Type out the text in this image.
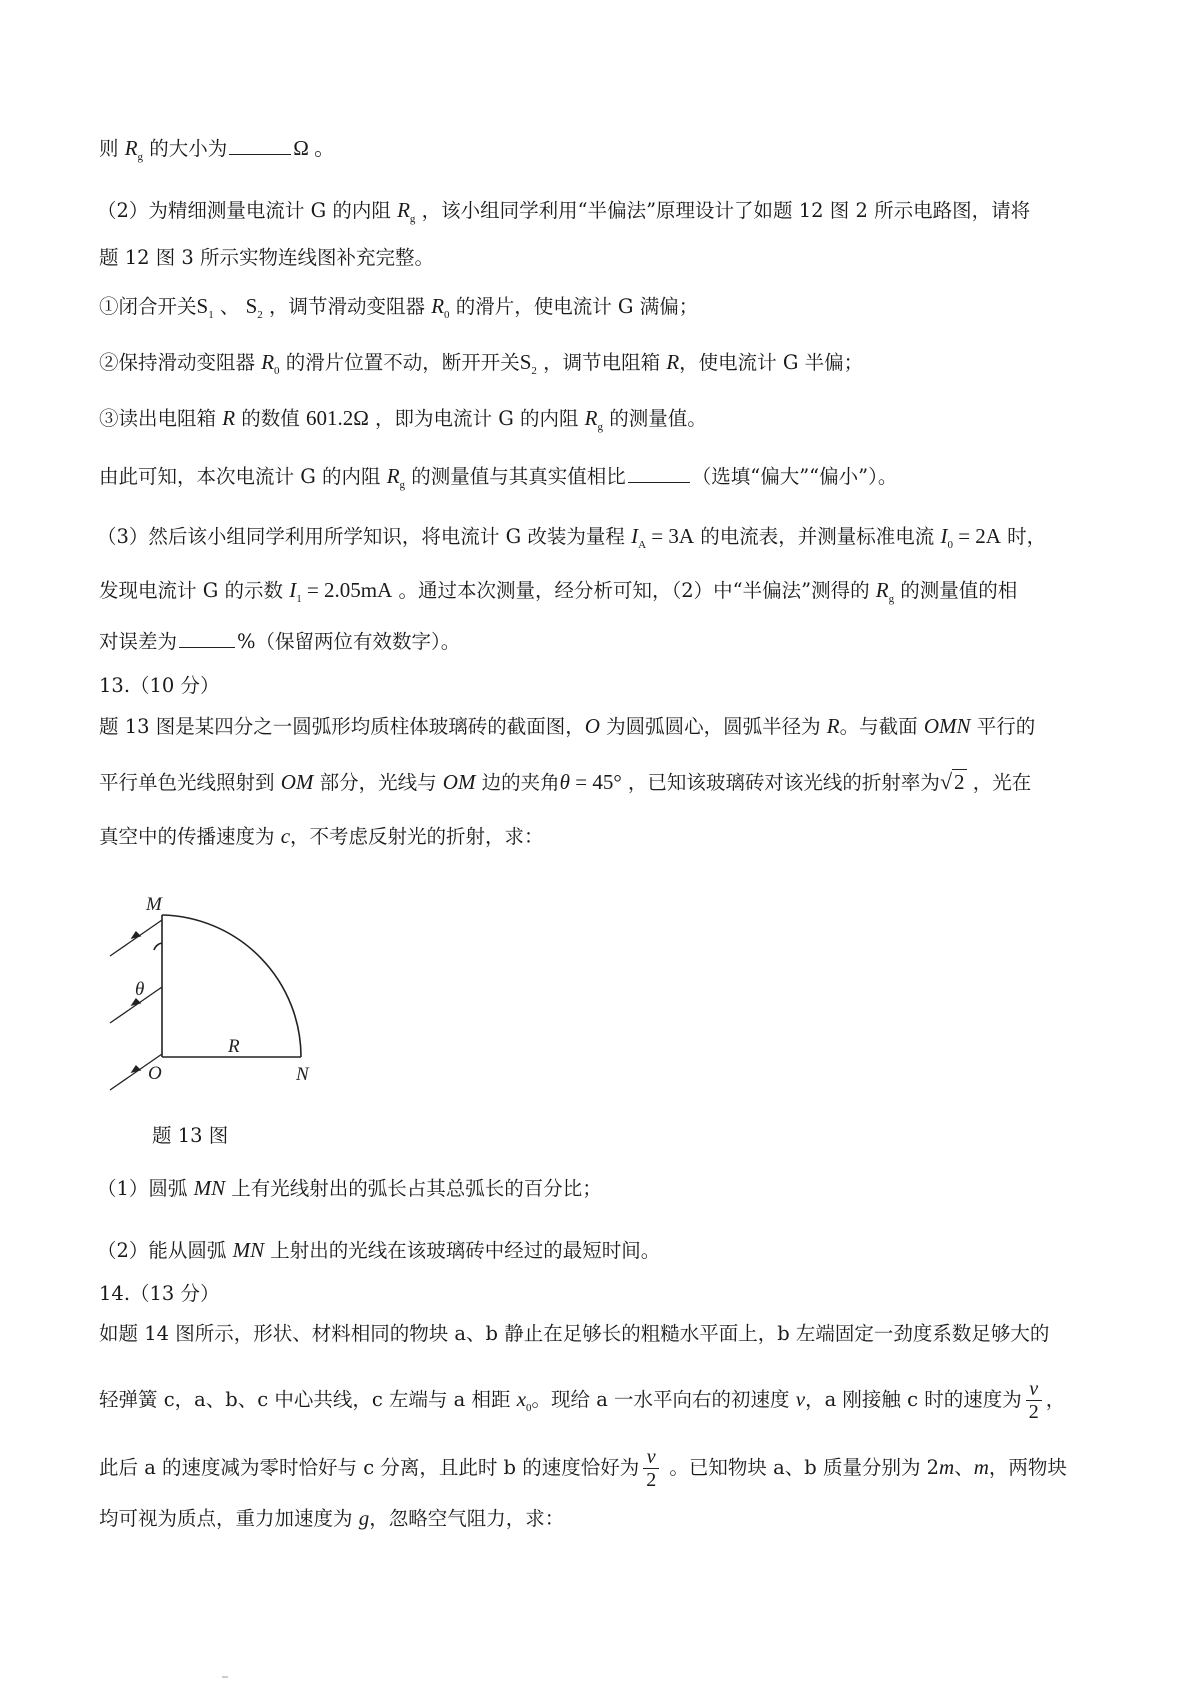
则 $R_g$ 的大小为	Ω 。
（2）为精细测量电流计 G 的内阻 $R_g$ ，该小组同学利用“半偏法”原理设计了如题 12 图 2 所示电路图，请将
题 12 图 3 所示实物连线图补充完整。
①闭合开关$S_1$ 、 $S_2$ ，调节滑动变阻器 $R_0$ 的滑片，使电流计 G 满偏；
②保持滑动变阻器 $R_0$ 的滑片位置不动，断开开关$S_2$ ，调节电阻箱 R，使电流计 G 半偏；
③读出电阻箱 R 的数值 601.2Ω ，即为电流计 G 的内阻 $R_g$ 的测量值。
由此可知，本次电流计 G 的内阻 $R_g$ 的测量值与其真实值相比	（选填“偏大”“偏小”）。
（3）然后该小组同学利用所学知识，将电流计 G 改装为量程 $I_A = 3A$ 的电流表，并测量标准电流 $I_0 = 2A$ 时，
发现电流计 G 的示数 $I_1 = 2.05mA$ 。通过本次测量，经分析可知，（2）中“半偏法”测得的 $R_g$ 的测量值的相
对误差为	%（保留两位有效数字）。
13.（10 分）
题 13 图是某四分之一圆弧形均质柱体玻璃砖的截面图，O 为圆弧圆心，圆弧半径为 R。与截面 OMN 平行的
平行单色光线照射到 OM 部分，光线与 OM 边的夹角θ = 45° ，已知该玻璃砖对该光线的折射率为√2 ，光在
真空中的传播速度为 c，不考虑反射光的折射，求：
M
θ
R
O	N
题 13 图
（1）圆弧 MN 上有光线射出的弧长占其总弧长的百分比；
（2）能从圆弧 MN 上射出的光线在该玻璃砖中经过的最短时间。
14.（13 分）
如题 14 图所示，形状、材料相同的物块 a、b 静止在足够长的粗糙水平面上，b 左端固定一劲度系数足够大的
轻弹簧 c，a、b、c 中心共线，c 左端与 a 相距 $x_0$。现给 a 一水平向右的初速度 v，a 刚接触 c 时的速度为 $\frac{v}{2}$ ，
此后 a 的速度减为零时恰好与 c 分离，且此时 b 的速度恰好为 $\frac{v}{2}$ 。已知物块 a、b 质量分别为 2m、m，两物块
均可视为质点，重力加速度为 g，忽略空气阻力，求：
